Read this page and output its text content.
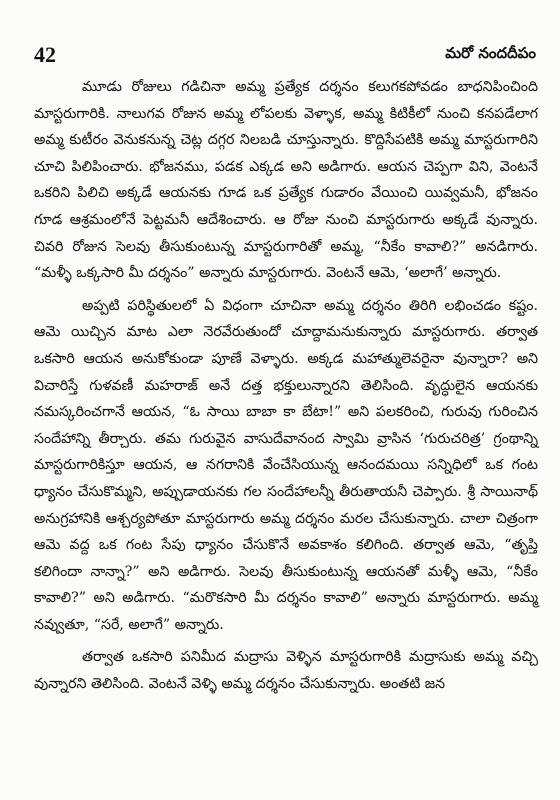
42	మరో నందదీపం

మూడు రోజులు గడిచినా అమ్మ ప్రత్యేక దర్శనం కలుగకపోవడం బాధనిపించింది మాస్టరుగారికి. నాలుగవ రోజున అమ్మ లోపలకు వెళ్ళాక, అమ్మ కిటికీలో నుంచి కనపడేలాగ అమ్మ కుటీరం వెనుకనున్న చెట్ల దగ్గర నిలబడి చూస్తున్నారు. కొద్దిసేపటికి అమ్మ మాస్టరుగారిని చూచి పిలిపించారు. భోజనము, పడక ఎక్కడ అని అడిగారు. ఆయన చెప్పగా విని, వెంటనే ఒకరిని పిలిచి అక్కడే ఆయనకు గూడ ఒక ప్రత్యేక గుడారం వేయించి యివ్వమనీ, భోజనం గూడ ఆశ్రమంలోనే పెట్టమనీ ఆదేశించారు. ఆ రోజు నుంచి మాస్టరుగారు అక్కడే వున్నారు. చివరి రోజున సెలవు తీసుకుంటున్న మాస్టరుగారితో అమ్మ, “నీకేం కావాలి?” అనడిగారు. “మళ్ళీ ఒక్కసారి మీ దర్శనం” అన్నారు మాస్టరుగారు. వెంటనే ఆమె, ‘అలాగే’ అన్నారు.

అప్పటి పరిస్థితులలో ఏ విధంగా చూచినా అమ్మ దర్శనం తిరిగి లభించడం కష్టం. ఆమె యిచ్చిన మాట ఎలా నెరవేరుతుందో చూద్దామనుకున్నారు మాస్టరుగారు. తర్వాత ఒకసారి ఆయన అనుకోకుండా పూణే వెళ్ళారు. అక్కడ మహాత్ములెవరైనా వున్నారా? అని విచారిస్తే గుళవణీ మహరాజ్ అనే దత్త భక్తులున్నారని తెలిసింది. వృద్ధులైన ఆయనకు నమస్కరించగానే ఆయన, “ఓ సాయి బాబా కా బేటా!” అని పలకరించి, గురువు గురించిన సందేహాన్ని తీర్చారు. తమ గురువైన వాసుదేవానంద స్వామి వ్రాసిన ‘గురుచరిత్ర’ గ్రంథాన్ని మాస్టరుగారికిస్తూ ఆయన, ఆ నగరానికి వేంచేసియున్న ఆనందమయి సన్నిధిలో ఒక గంట ధ్యానం చేసుకొమ్మని, అప్పుడాయనకు గల సందేహాలన్నీ తీరుతాయనీ చెప్పారు. శ్రీ సాయినాథ్ అనుగ్రహానికి ఆశ్చర్యపోతూ మాస్టరుగారు అమ్మ దర్శనం మరల చేసుకున్నారు. చాలా చిత్రంగా ఆమె వద్ద ఒక గంట సేపు ధ్యానం చేసుకొనే అవకాశం కలిగింది. తర్వాత ఆమె, “తృప్తి కలిగిందా నాన్నా?” అని అడిగారు. సెలవు తీసుకుంటున్న ఆయనతో మళ్ళీ ఆమె, “నీకేం కావాలి?” అని అడిగారు. “మరొకసారి మీ దర్శనం కావాలి” అన్నారు మాస్టరుగారు. అమ్మ నవ్వుతూ, “సరే, అలాగే” అన్నారు.

తర్వాత ఒకసారి పనిమీద మద్రాసు వెళ్ళిన మాస్టరుగారికి మద్రాసుకు అమ్మ వచ్చి వున్నారని తెలిసింది. వెంటనే వెళ్ళి అమ్మ దర్శనం చేసుకున్నారు. అంతటి జన
